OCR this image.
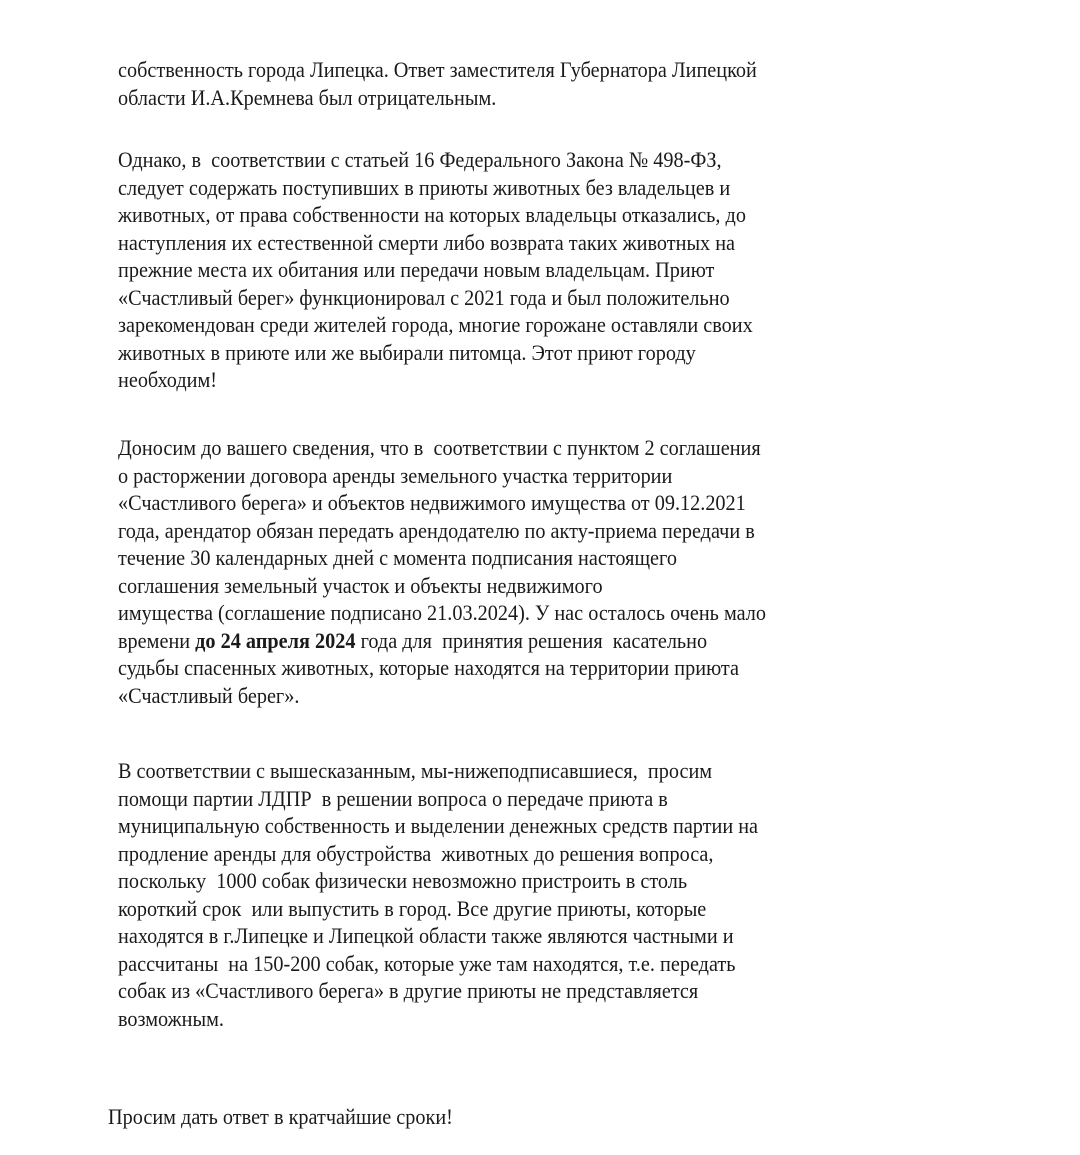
собственность города Липецка. Ответ заместителя Губернатора Липецкой
области И.А.Кремнева был отрицательным.
Однако, в  соответствии с статьей 16 Федерального Закона № 498-ФЗ,
следует содержать поступивших в приюты животных без владельцев и
животных, от права собственности на которых владельцы отказались, до
наступления их естественной смерти либо возврата таких животных на
прежние места их обитания или передачи новым владельцам. Приют
«Счастливый берег» функционировал с 2021 года и был положительно
зарекомендован среди жителей города, многие горожане оставляли своих
животных в приюте или же выбирали питомца. Этот приют городу
необходим!
Доносим до вашего сведения, что в  соответствии с пунктом 2 соглашения
о расторжении договора аренды земельного участка территории
«Счастливого берега» и объектов недвижимого имущества от 09.12.2021
года, арендатор обязан передать арендодателю по акту-приема передачи в
течение 30 календарных дней с момента подписания настоящего
соглашения земельный участок и объекты недвижимого
имущества (соглашение подписано 21.03.2024). У нас осталось очень мало
времени до 24 апреля 2024 года для  принятия решения  касательно
судьбы спасенных животных, которые находятся на территории приюта
«Счастливый берег».
В соответствии с вышесказанным, мы-нижеподписавшиеся,  просим
помощи партии ЛДПР  в решении вопроса о передаче приюта в
муниципальную собственность и выделении денежных средств партии на
продление аренды для обустройства  животных до решения вопроса,
поскольку  1000 собак физически невозможно пристроить в столь
короткий срок  или выпустить в город. Все другие приюты, которые
находятся в г.Липецке и Липецкой области также являются частными и
рассчитаны  на 150-200 собак, которые уже там находятся, т.е. передать
собак из «Счастливого берега» в другие приюты не представляется
возможным.
Просим дать ответ в кратчайшие сроки!
